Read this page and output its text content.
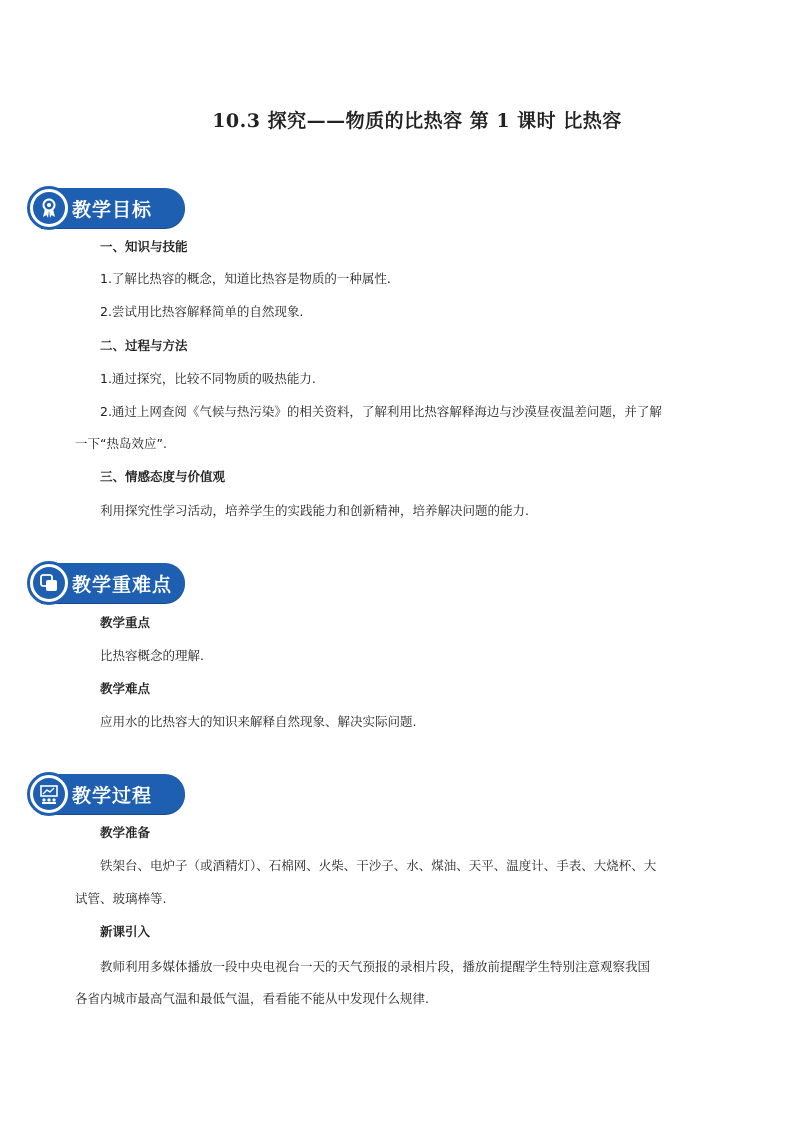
10.3 探究——物质的比热容 第 1 课时 比热容
教学目标
一、知识与技能
1.了解比热容的概念，知道比热容是物质的一种属性.
2.尝试用比热容解释简单的自然现象.
二、过程与方法
1.通过探究，比较不同物质的吸热能力.
2.通过上网查阅《气候与热污染》的相关资料，了解利用比热容解释海边与沙漠昼夜温差问题，并了解
一下“热岛效应”.
三、情感态度与价值观
利用探究性学习活动，培养学生的实践能力和创新精神，培养解决问题的能力.
教学重难点
教学重点
比热容概念的理解.
教学难点
应用水的比热容大的知识来解释自然现象、解决实际问题.
教学过程
教学准备
铁架台、电炉子（或酒精灯）、石棉网、火柴、干沙子、水、煤油、天平、温度计、手表、大烧杯、大
试管、玻璃棒等.
新课引入
教师利用多媒体播放一段中央电视台一天的天气预报的录相片段，播放前提醒学生特别注意观察我国
各省内城市最高气温和最低气温，看看能不能从中发现什么规律.
